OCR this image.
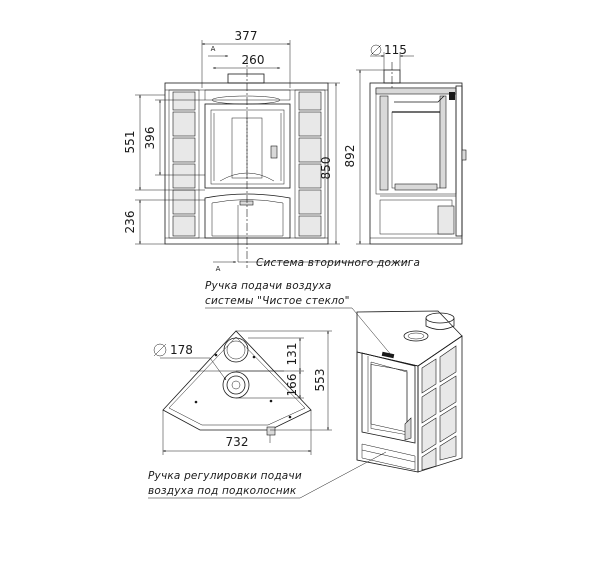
377
260
A
A
551 396
236
850
115
892
Система вторичного дожига
Ручка подачи воздуха
системы "Чистое стекло"
178	131
166 553
732
Ручка регулировки подачи
воздуха под подколосник
